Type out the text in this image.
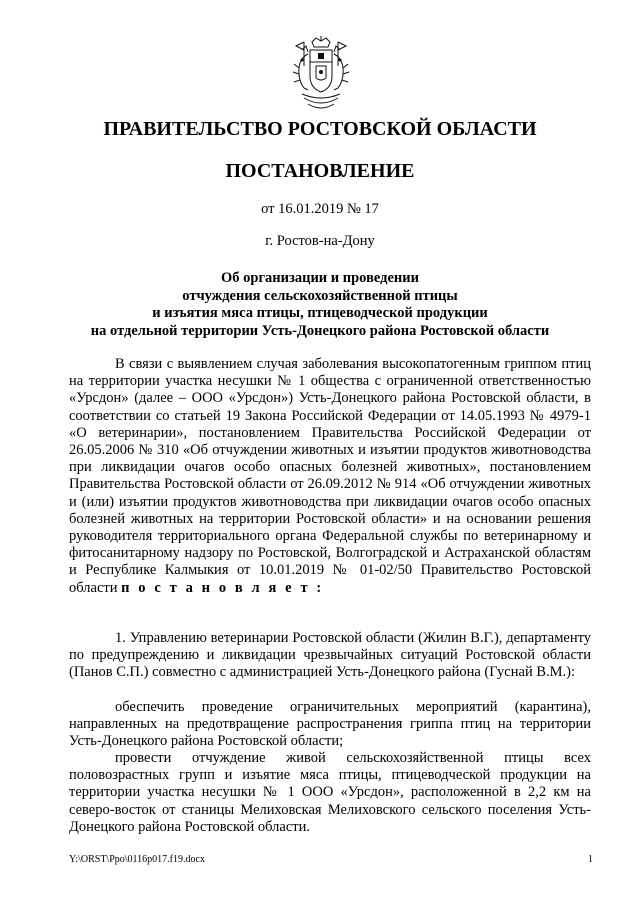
ПРАВИТЕЛЬСТВО РОСТОВСКОЙ ОБЛАСТИ
ПОСТАНОВЛЕНИЕ
от 16.01.2019 № 17
г. Ростов-на-Дону
Об организации и проведении
отчуждения сельскохозяйственной птицы
и изъятия мяса птицы, птицеводческой продукции
на отдельной территории Усть-Донецкого района Ростовской области

В связи с выявлением случая заболевания высокопатогенным гриппом птиц на территории участка несушки № 1 общества с ограниченной ответственностью «Урсдон» (далее – ООО «Урсдон») Усть-Донецкого района Ростовской области, в соответствии со статьей 19 Закона Российской Федерации от 14.05.1993 № 4979-1 «О ветеринарии», постановлением Правительства Российской Федерации от 26.05.2006 № 310 «Об отчуждении животных и изъятии продуктов животноводства при ликвидации очагов особо опасных болезней животных», постановлением Правительства Ростовской области от 26.09.2012 № 914 «Об отчуждении животных и (или) изъятии продуктов животноводства при ликвидации очагов особо опасных болезней животных на территории Ростовской области» и на основании решения руководителя территориального органа Федеральной службы по ветеринарному и фитосанитарному надзору по Ростовской, Волгоградской и Астраханской областям и Республике Калмыкия от 10.01.2019 № 01-02/50 Правительство Ростовской области п о с т а н о в л я е т :

1. Управлению ветеринарии Ростовской области (Жилин В.Г.), департаменту по предупреждению и ликвидации чрезвычайных ситуаций Ростовской области (Панов С.П.) совместно с администрацией Усть-Донецкого района (Гуснай В.М.):

обеспечить проведение ограничительных мероприятий (карантина), направленных на предотвращение распространения гриппа птиц на территории Усть-Донецкого района Ростовской области;

провести отчуждение живой сельскохозяйственной птицы всех половозрастных групп и изъятие мяса птицы, птицеводческой продукции на территории участка несушки № 1 ООО «Урсдон», расположенной в 2,2 км на северо-восток от станицы Мелиховская Мелиховского сельского поселения Усть-Донецкого района Ростовской области.

Y:\ORST\Ppo\0116p017.f19.docx	1
